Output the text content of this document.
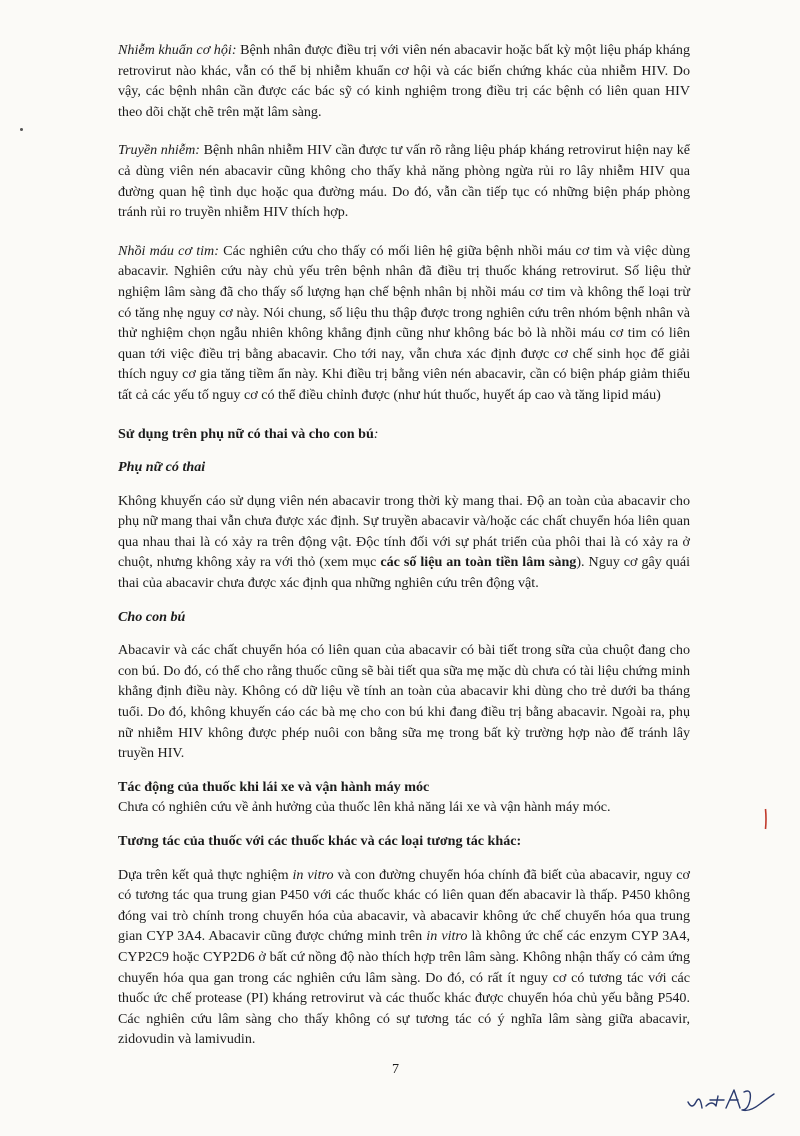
Nhiễm khuẩn cơ hội: Bệnh nhân được điều trị với viên nén abacavir hoặc bất kỳ một liệu pháp kháng retrovirut nào khác, vẫn có thể bị nhiễm khuẩn cơ hội và các biến chứng khác của nhiễm HIV. Do vậy, các bệnh nhân cần được các bác sỹ có kinh nghiệm trong điều trị các bệnh có liên quan HIV theo dõi chặt chẽ trên mặt lâm sàng.

Truyền nhiễm: Bệnh nhân nhiễm HIV cần được tư vấn rõ rằng liệu pháp kháng retrovirut hiện nay kể cả dùng viên nén abacavir cũng không cho thấy khả năng phòng ngừa rủi ro lây nhiễm HIV qua đường quan hệ tình dục hoặc qua đường máu. Do đó, vẫn cần tiếp tục có những biện pháp phòng tránh rủi ro truyền nhiễm HIV thích hợp.

Nhồi máu cơ tim: Các nghiên cứu cho thấy có mối liên hệ giữa bệnh nhồi máu cơ tim và việc dùng abacavir. Nghiên cứu này chủ yếu trên bệnh nhân đã điều trị thuốc kháng retrovirut. Số liệu thử nghiệm lâm sàng đã cho thấy số lượng hạn chế bệnh nhân bị nhồi máu cơ tim và không thể loại trừ có tăng nhẹ nguy cơ này. Nói chung, số liệu thu thập được trong nghiên cứu trên nhóm bệnh nhân và thử nghiệm chọn ngẫu nhiên không khẳng định cũng như không bác bỏ là nhồi máu cơ tim có liên quan tới việc điều trị bằng abacavir. Cho tới nay, vẫn chưa xác định được cơ chế sinh học để giải thích nguy cơ gia tăng tiềm ẩn này. Khi điều trị bằng viên nén abacavir, cần có biện pháp giảm thiểu tất cả các yếu tố nguy cơ có thể điều chỉnh được (như hút thuốc, huyết áp cao và tăng lipid máu)

Sử dụng trên phụ nữ có thai và cho con bú:

Phụ nữ có thai

Không khuyến cáo sử dụng viên nén abacavir trong thời kỳ mang thai. Độ an toàn của abacavir cho phụ nữ mang thai vẫn chưa được xác định. Sự truyền abacavir và/hoặc các chất chuyển hóa liên quan qua nhau thai là có xảy ra trên động vật. Độc tính đối với sự phát triển của phôi thai là có xảy ra ở chuột, nhưng không xảy ra với thỏ (xem mục các số liệu an toàn tiền lâm sàng). Nguy cơ gây quái thai của abacavir chưa được xác định qua những nghiên cứu trên động vật.

Cho con bú

Abacavir và các chất chuyển hóa có liên quan của abacavir có bài tiết trong sữa của chuột đang cho con bú. Do đó, có thể cho rằng thuốc cũng sẽ bài tiết qua sữa mẹ mặc dù chưa có tài liệu chứng minh khẳng định điều này. Không có dữ liệu về tính an toàn của abacavir khi dùng cho trẻ dưới ba tháng tuổi. Do đó, không khuyến cáo các bà mẹ cho con bú khi đang điều trị bằng abacavir. Ngoài ra, phụ nữ nhiễm HIV không được phép nuôi con bằng sữa mẹ trong bất kỳ trường hợp nào để tránh lây truyền HIV.

Tác động của thuốc khi lái xe và vận hành máy móc

Chưa có nghiên cứu về ảnh hưởng của thuốc lên khả năng lái xe và vận hành máy móc.

Tương tác của thuốc với các thuốc khác và các loại tương tác khác:

Dựa trên kết quả thực nghiệm in vitro và con đường chuyển hóa chính đã biết của abacavir, nguy cơ có tương tác qua trung gian P450 với các thuốc khác có liên quan đến abacavir là thấp. P450 không đóng vai trò chính trong chuyển hóa của abacavir, và abacavir không ức chế chuyển hóa qua trung gian CYP 3A4. Abacavir cũng được chứng minh trên in vitro là không ức chế các enzym CYP 3A4, CYP2C9 hoặc CYP2D6 ở bất cứ nồng độ nào thích hợp trên lâm sàng. Không nhận thấy có cảm ứng chuyển hóa qua gan trong các nghiên cứu lâm sàng. Do đó, có rất ít nguy cơ có tương tác với các thuốc ức chế protease (PI) kháng retrovirut và các thuốc khác được chuyển hóa chủ yếu bằng P540. Các nghiên cứu lâm sàng cho thấy không có sự tương tác có ý nghĩa lâm sàng giữa abacavir, zidovudin và lamivudin.

7
